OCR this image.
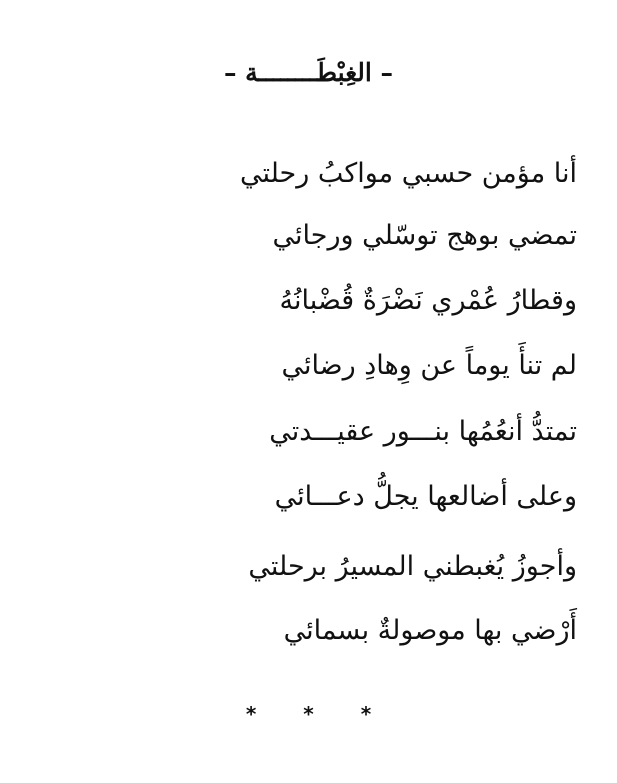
– الغِبْطَــــــــة –
أنا مؤمن حسبي مواكبُ رحلتي
تمضي بوهج توسّلي ورجائي
وقطارُ عُمْري نَضْرَةٌ قُضْبانُهُ
لم تنأَ يوماً عن وِهادِ رضائي
تمتدُّ أنعُمُها بنـــور عقيـــدتي
وعلى أضالعها يجلُّ دعـــائي
وأجوزُ يُغبطني المسيرُ برحلتي
أَرْضي بها موصولةٌ بسمائي
* * *
